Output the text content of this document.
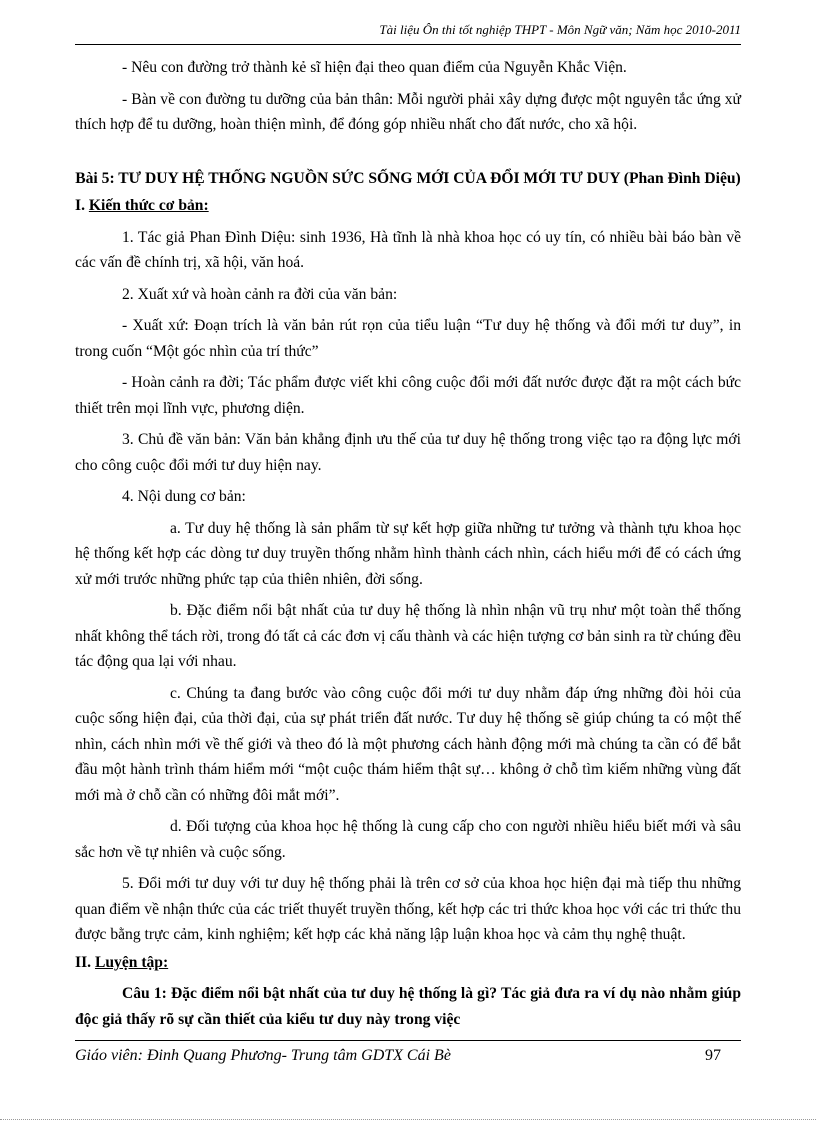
Tài liệu Ôn thi tốt nghiệp THPT - Môn Ngữ văn; Năm học 2010-2011

- Nêu con đường trở thành kẻ sĩ hiện đại theo quan điểm của Nguyễn Khắc Viện.

- Bàn về con đường tu dưỡng của bản thân: Mỗi người phải xây dựng được một nguyên tắc ứng xử thích hợp để tu dưỡng, hoàn thiện mình, để đóng góp nhiều nhất cho đất nước, cho xã hội.

Bài 5: TƯ DUY HỆ THỐNG NGUỒN SỨC SỐNG MỚI CỦA ĐỔI MỚI TƯ DUY (Phan Đình Diệu)

I. Kiến thức cơ bản:

1. Tác giả Phan Đình Diệu: sinh 1936, Hà tĩnh là nhà khoa học có uy tín, có nhiều bài báo bàn về các vấn đề chính trị, xã hội, văn hoá.

2. Xuất xứ và hoàn cảnh ra đời của văn bản:

- Xuất xứ: Đoạn trích là văn bản rút rọn của tiểu luận “Tư duy hệ thống và đổi mới tư duy”, in trong cuốn “Một góc nhìn của trí thức”

- Hoàn cảnh ra đời; Tác phẩm được viết khi công cuộc đổi mới đất nước được đặt ra một cách bức thiết trên mọi lĩnh vực, phương diện.

3. Chủ đề văn bản: Văn bản khẳng định ưu thế của tư duy hệ thống trong việc tạo ra động lực mới cho công cuộc đổi mới tư duy hiện nay.

4. Nội dung cơ bản:

a. Tư duy hệ thống là sản phẩm từ sự kết hợp giữa những tư tưởng và thành tựu khoa học hệ thống kết hợp các dòng tư duy truyền thống nhằm hình thành cách nhìn, cách hiểu mới để có cách ứng xử mới trước những phức tạp của thiên nhiên, đời sống.

b. Đặc điểm nổi bật nhất của tư duy hệ thống là nhìn nhận vũ trụ như một toàn thể thống nhất không thể tách rời, trong đó tất cả các đơn vị cấu thành và các hiện tượng cơ bản sinh ra từ chúng đều tác động qua lại với nhau.

c. Chúng ta đang bước vào công cuộc đổi mới tư duy nhằm đáp ứng những đòi hỏi của cuộc sống hiện đại, của thời đại, của sự phát triển đất nước. Tư duy hệ thống sẽ giúp chúng ta có một thế nhìn, cách nhìn mới về thế giới và theo đó là một phương cách hành động mới mà chúng ta cần có để bắt đầu một hành trình thám hiểm mới “một cuộc thám hiểm thật sự… không ở chỗ tìm kiếm những vùng đất mới mà ở chỗ cần có những đôi mắt mới”.

d. Đối tượng của khoa học hệ thống là cung cấp cho con người nhiều hiểu biết mới và sâu sắc hơn về tự nhiên và cuộc sống.

5. Đổi mới tư duy với tư duy hệ thống phải là trên cơ sở của khoa học hiện đại mà tiếp thu những quan điểm về nhận thức của các triết thuyết truyền thống, kết hợp các tri thức khoa học với các tri thức thu được bằng trực cảm, kinh nghiệm; kết hợp các khả năng lập luận khoa học và cảm thụ nghệ thuật.

II. Luyện tập:

Câu 1: Đặc điểm nổi bật nhất của tư duy hệ thống là gì? Tác giả đưa ra ví dụ nào nhằm giúp độc giả thấy rõ sự cần thiết của kiểu tư duy này trong việc

Giáo viên: Đinh Quang Phương- Trung tâm GDTX Cái Bè	97
